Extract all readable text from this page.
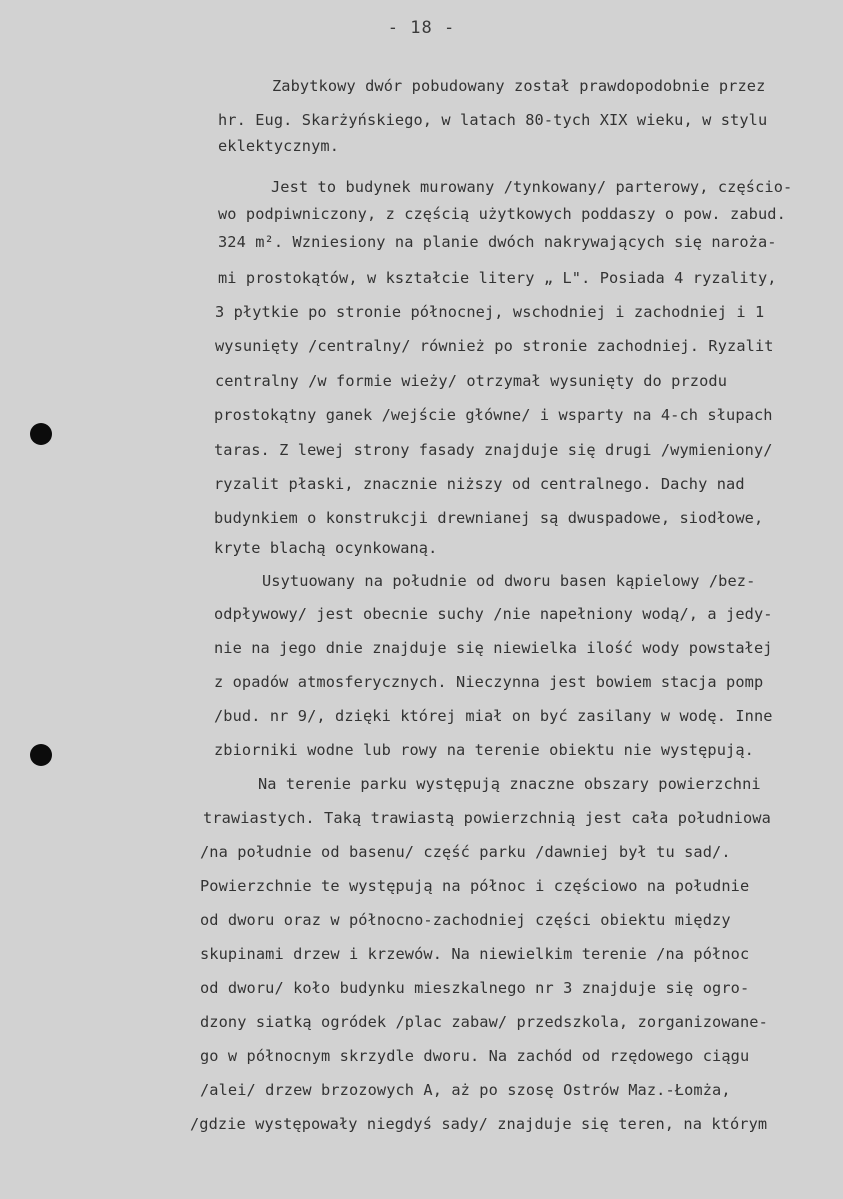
- 18 -
Zabytkowy dwór pobudowany został prawdopodobnie przez
hr. Eug. Skarżyńskiego, w latach 80-tych XIX wieku, w stylu
eklektycznym.
Jest to budynek murowany /tynkowany/ parterowy, częścio-
wo podpiwniczony, z częścią użytkowych poddaszy o pow. zabud.
324 m². Wzniesiony na planie dwóch nakrywających się naroża-
mi prostokątów, w kształcie litery „ L". Posiada 4 ryzality,
3 płytkie po stronie północnej, wschodniej i zachodniej i 1
wysunięty /centralny/ również po stronie zachodniej. Ryzalit
centralny /w formie wieży/ otrzymał wysunięty do przodu
prostokątny ganek /wejście główne/ i wsparty na 4-ch słupach
taras. Z lewej strony fasady znajduje się drugi /wymieniony/
ryzalit płaski, znacznie niższy od centralnego. Dachy nad
budynkiem o konstrukcji drewnianej są dwuspadowe, siodłowe,
kryte blachą ocynkowaną.
Usytuowany na południe od dworu basen kąpielowy /bez-
odpływowy/ jest obecnie suchy /nie napełniony wodą/, a jedy-
nie na jego dnie znajduje się niewielka ilość wody powstałej
z opadów atmosferycznych. Nieczynna jest bowiem stacja pomp
/bud. nr 9/, dzięki której miał on być zasilany w wodę. Inne
zbiorniki wodne lub rowy na terenie obiektu nie występują.
Na terenie parku występują znaczne obszary powierzchni
trawiastych. Taką trawiastą powierzchnią jest cała południowa
/na południe od basenu/ część parku /dawniej był tu sad/.
Powierzchnie te występują na północ i częściowo na południe
od dworu oraz w północno-zachodniej części obiektu między
skupinami drzew i krzewów. Na niewielkim terenie /na północ
od dworu/ koło budynku mieszkalnego nr 3 znajduje się ogro-
dzony siatką ogródek /plac zabaw/ przedszkola, zorganizowane-
go w północnym skrzydle dworu. Na zachód od rzędowego ciągu
/alei/ drzew brzozowych A, aż po szosę Ostrów Maz.-Łomża,
/gdzie występowały niegdyś sady/ znajduje się teren, na którym
